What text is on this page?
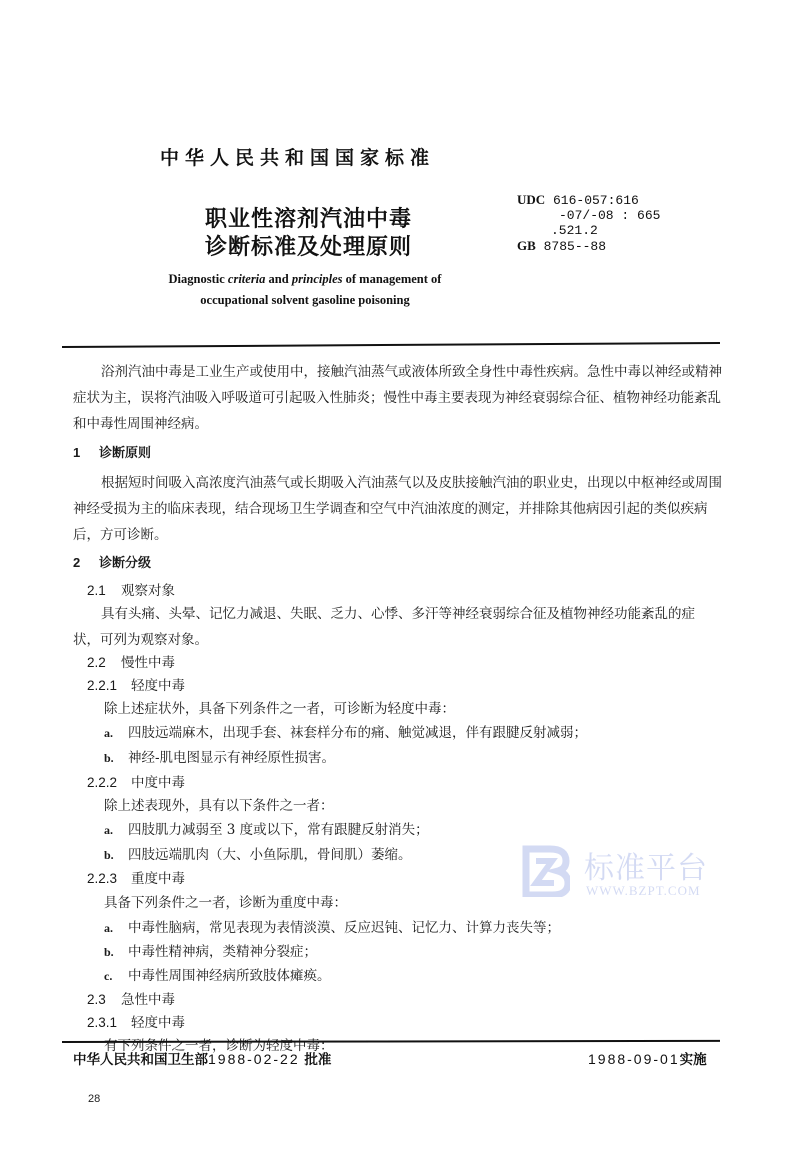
中华人民共和国国家标准
职业性溶剂汽油中毒
诊断标准及处理原则
UDC 616-057:616
-07/-08 : 665
.521.2
GB 8785--88
Diagnostic criteria and principles of management of
occupational solvent gasoline poisoning
浴剂汽油中毒是工业生产或使用中，接触汽油蒸气或液体所致全身性中毒性疾病。急性中毒以神经或精神症状为主，误将汽油吸入呼吸道可引起吸入性肺炎；慢性中毒主要表现为神经衰弱综合征、植物神经功能紊乱和中毒性周围神经病。
1 诊断原则
根据短时间吸入高浓度汽油蒸气或长期吸入汽油蒸气以及皮肤接触汽油的职业史，出现以中枢神经或周围神经受损为主的临床表现，结合现场卫生学调查和空气中汽油浓度的测定，并排除其他病因引起的类似疾病后，方可诊断。
2 诊断分级
2.1 观察对象
具有头痛、头晕、记忆力减退、失眠、乏力、心悸、多汗等神经衰弱综合征及植物神经功能紊乱的症状，可列为观察对象。
2.2 慢性中毒
2.2.1 轻度中毒
除上述症状外，具备下列条件之一者，可诊断为轻度中毒：
a. 四肢远端麻木，出现手套、袜套样分布的痛、触觉减退，伴有跟腱反射减弱；
b. 神经-肌电图显示有神经原性损害。
2.2.2 中度中毒
除上述表现外，具有以下条件之一者：
a. 四肢肌力减弱至 3 度或以下，常有跟腱反射消失；
b. 四肢远端肌肉（大、小鱼际肌，骨间肌）萎缩。
2.2.3 重度中毒
具备下列条件之一者，诊断为重度中毒：
a. 中毒性脑病，常见表现为表情淡漠、反应迟钝、记忆力、计算力丧失等；
b. 中毒性精神病，类精神分裂症；
c. 中毒性周围神经病所致肢体瘫痪。
2.3 急性中毒
2.3.1 轻度中毒
有下列条件之一者，诊断为轻度中毒：
中华人民共和国卫生部1988-02-22 批准	1988-09-01实施
28
标准平台
WWW.BZPT.COM
